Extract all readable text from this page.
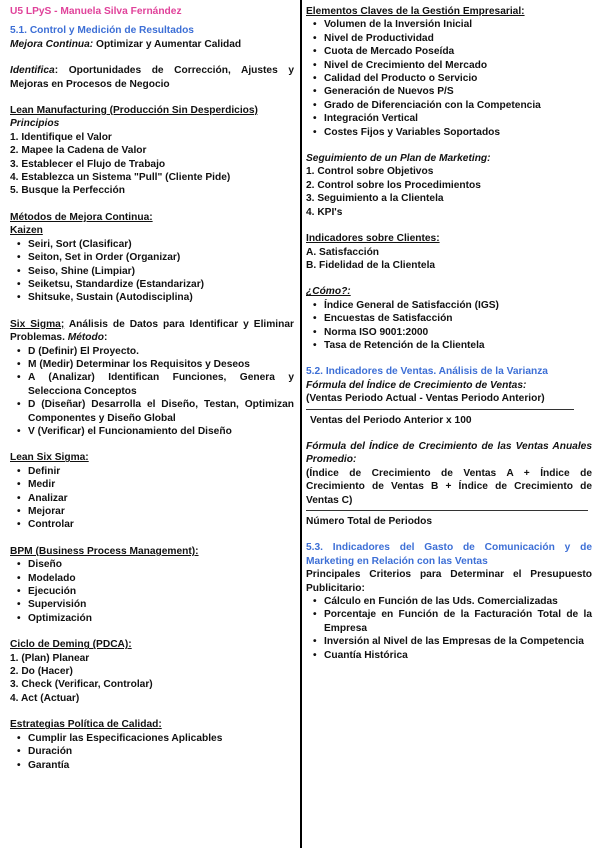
U5 LPyS - Manuela Silva Fernández

5.1. Control y Medición de Resultados

Mejora Continua: Optimizar y Aumentar Calidad

Identifica: Oportunidades de Corrección, Ajustes y Mejoras en Procesos de Negocio

Lean Manufacturing (Producción Sin Desperdicios)

Principios

1. Identifique el Valor

2. Mapee la Cadena de Valor

3. Establecer el Flujo de Trabajo

4. Establezca un Sistema "Pull" (Cliente Pide)

5. Busque la Perfección

Métodos de Mejora Continua:

Kaizen

• Seiri, Sort (Clasificar)
• Seiton, Set in Order (Organizar)
• Seiso, Shine (Limpiar)
• Seiketsu, Standardize (Estandarizar)
• Shitsuke, Sustain (Autodisciplina)

Six Sigma; Análisis de Datos para Identificar y Eliminar Problemas. Método:

• D (Definir) El Proyecto.
• M (Medir) Determinar los Requisitos y Deseos
• A (Analizar) Identifican Funciones, Genera y Selecciona Conceptos
• D (Diseñar) Desarrolla el Diseño, Testan, Optimizan Componentes y Diseño Global
• V (Verificar) el Funcionamiento del Diseño

Lean Six Sigma:

• Definir
• Medir
• Analizar
• Mejorar
• Controlar

BPM (Business Process Management):

• Diseño
• Modelado
• Ejecución
• Supervisión
• Optimización

Ciclo de Deming (PDCA):

1. (Plan) Planear

2. Do (Hacer)

3. Check (Verificar, Controlar)

4. Act (Actuar)

Estrategias Política de Calidad:

• Cumplir las Especificaciones Aplicables
• Duración
• Garantía

Elementos Claves de la Gestión Empresarial:

• Volumen de la Inversión Inicial
• Nivel de Productividad
• Cuota de Mercado Poseída
• Nivel de Crecimiento del Mercado
• Calidad del Producto o Servicio
• Generación de Nuevos P/S
• Grado de Diferenciación con la Competencia
• Integración Vertical
• Costes Fijos y Variables Soportados

Seguimiento de un Plan de Marketing:

1. Control sobre Objetivos

2. Control sobre los Procedimientos

3. Seguimiento a la Clientela

4. KPI's

Indicadores sobre Clientes:

A. Satisfacción

B. Fidelidad de la Clientela

¿Cómo?:

• Índice General de Satisfacción (IGS)
• Encuestas de Satisfacción
• Norma ISO 9001:2000
• Tasa de Retención de la Clientela

5.2. Indicadores de Ventas. Análisis de la Varianza

Fórmula del Índice de Crecimiento de Ventas:

(Ventas Periodo Actual - Ventas Periodo Anterior)

Ventas del Periodo Anterior x 100

Fórmula del Índice de Crecimiento de las Ventas Anuales Promedio:

(Índice de Crecimiento de Ventas A + Índice de Crecimiento de Ventas B + Índice de Crecimiento de Ventas C)

Número Total de Periodos

5.3. Indicadores del Gasto de Comunicación y de Marketing en Relación con las Ventas

Principales Criterios para Determinar el Presupuesto Publicitario:

• Cálculo en Función de las Uds. Comercializadas
• Porcentaje en Función de la Facturación Total de la Empresa
• Inversión al Nivel de las Empresas de la Competencia
• Cuantía Histórica
